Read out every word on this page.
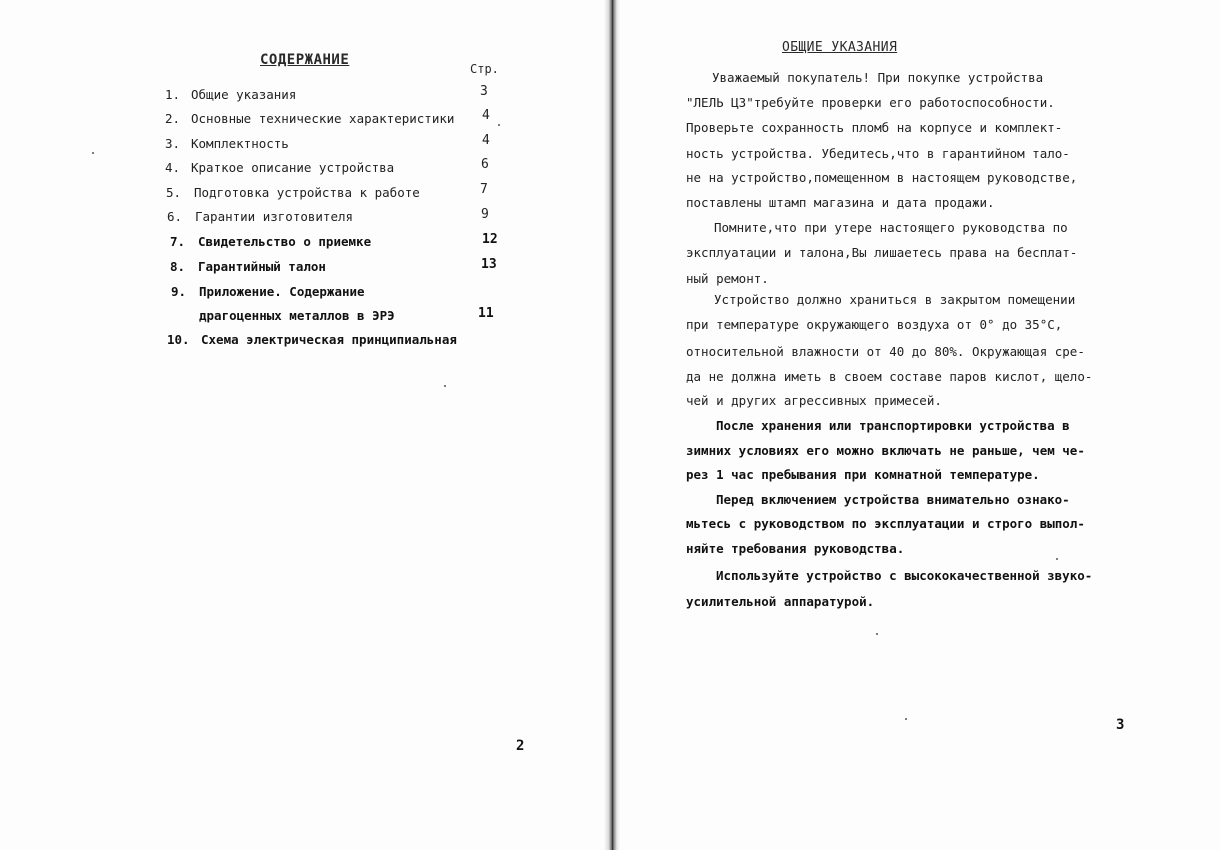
СОДЕРЖАНИЕ
Стр.
1. Общие указания	3
2. Основные технические характеристики 4
3. Комплектность	4
4. Краткое описание устройства	6
5. Подготовка устройства к работе	7
6. Гарантии изготовителя	9
7. Свидетельство о приемке	12
8. Гарантийный талон	13
9. Приложение. Содержание
драгоценных металлов в ЭРЭ	11
10. Схема электрическая принципиальная
2
ОБЩИЕ УКАЗАНИЯ
Уважаемый покупатель! При покупке устройства
"ЛЕЛЬ ЦЗ"требуйте проверки его работоспособности.
Проверьте сохранность пломб на корпусе и комплект-
ность устройства. Убедитесь,что в гарантийном тало-
не на устройство,помещенном в настоящем руководстве,
поставлены штамп магазина и дата продажи.
Помните,что при утере настоящего руководства по
эксплуатации и талона,Вы лишаетесь права на бесплат-
ный ремонт.
Устройство должно храниться в закрытом помещении
при температуре окружающего воздуха от 0° до 35°С,
относительной влажности от 40 до 80%. Окружающая сре-
да не должна иметь в своем составе паров кислот, щело-
чей и других агрессивных примесей.
После хранения или транспортировки устройства в
зимних условиях его можно включать не раньше, чем че-
рез 1 час пребывания при комнатной температуре.
Перед включением устройства внимательно ознако-
мьтесь с руководством по эксплуатации и строго выпол-
няйте требования руководства.
Используйте устройство с высококачественной звуко-
усилительной аппаратурой.
3
